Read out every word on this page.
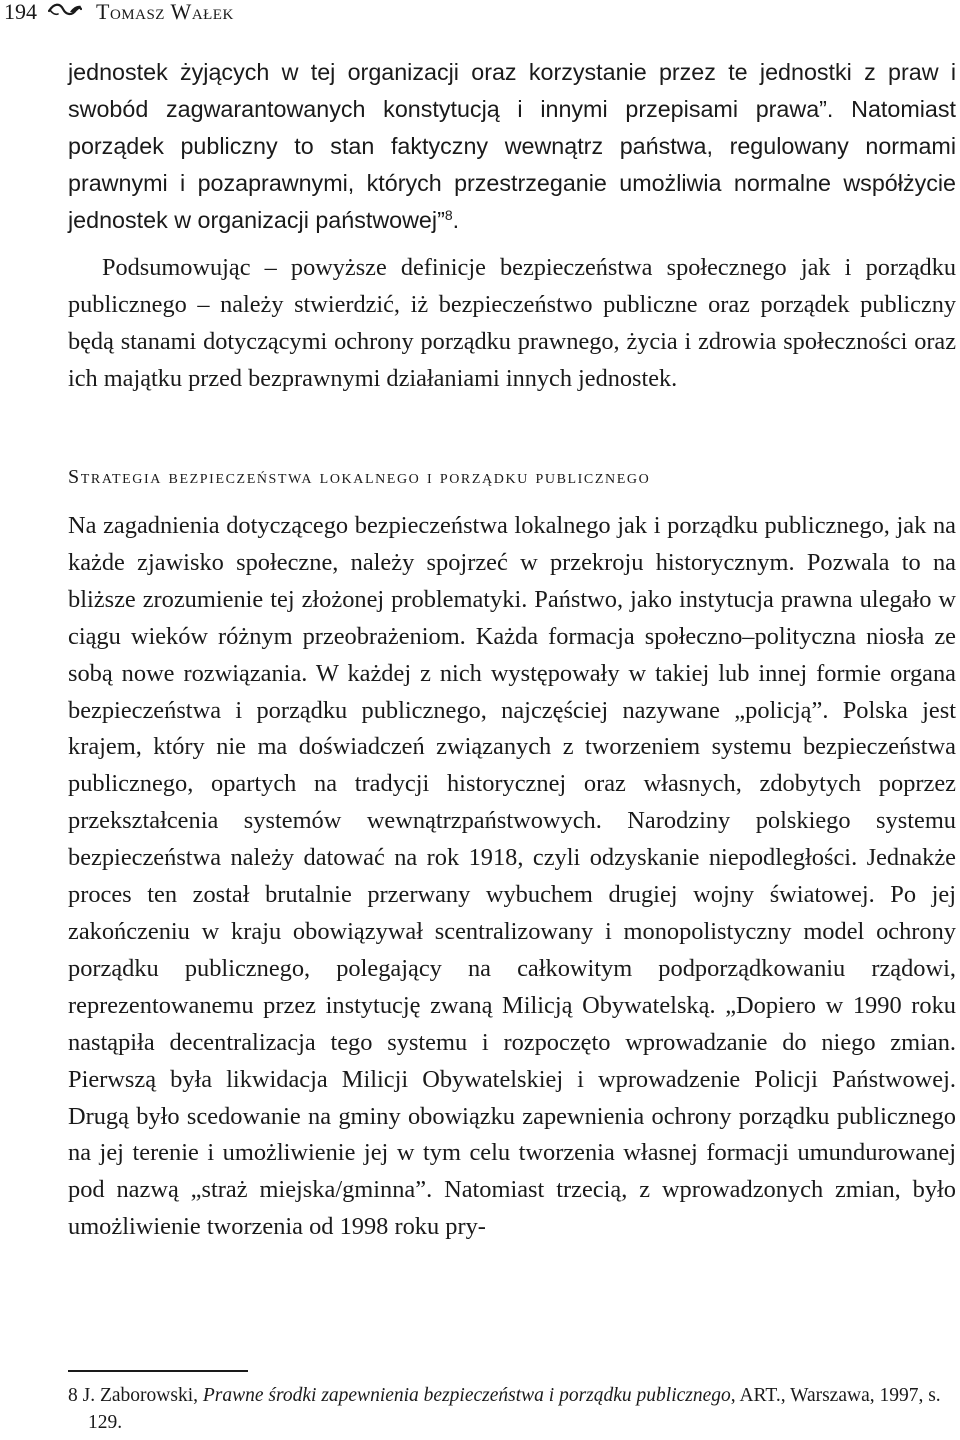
194	Tomasz Wałek

jednostek żyjących w tej organizacji oraz korzystanie przez te jednostki z praw i swobód zagwarantowanych konstytucją i innymi przepisami prawa”. Natomiast porządek publiczny to stan faktyczny wewnątrz państwa, regulowany normami prawnymi i pozaprawnymi, których przestrzeganie umożliwia normalne współżycie jednostek w organizacji państwowej”$^8$.

Podsumowując – powyższe definicje bezpieczeństwa społecznego jak i porządku publicznego – należy stwierdzić, iż bezpieczeństwo publiczne oraz porządek publiczny będą stanami dotyczącymi ochrony porządku prawnego, życia i zdrowia społeczności oraz ich majątku przed bezprawnymi działaniami innych jednostek.

Strategia bezpieczeństwa lokalnego i porządku publicznego

Na zagadnienia dotyczącego bezpieczeństwa lokalnego jak i porządku publicznego, jak na każde zjawisko społeczne, należy spojrzeć w przekroju historycznym. Pozwala to na bliższe zrozumienie tej złożonej problematyki. Państwo, jako instytucja prawna ulegało w ciągu wieków różnym przeobrażeniom. Każda formacja społeczno–polityczna niosła ze sobą nowe rozwiązania. W każdej z nich występowały w takiej lub innej formie organa bezpieczeństwa i porządku publicznego, najczęściej nazywane „policją”. Polska jest krajem, który nie ma doświadczeń związanych z tworzeniem systemu bezpieczeństwa publicznego, opartych na tradycji historycznej oraz własnych, zdobytych poprzez przekształcenia systemów wewnątrzpaństwowych. Narodziny polskiego systemu bezpieczeństwa należy datować na rok 1918, czyli odzyskanie niepodległości. Jednakże proces ten został brutalnie przerwany wybuchem drugiej wojny światowej. Po jej zakończeniu w kraju obowiązywał scentralizowany i monopolistyczny model ochrony porządku publicznego, polegający na całkowitym podporządkowaniu rządowi, reprezentowanemu przez instytucję zwaną Milicją Obywatelską. „Dopiero w 1990 roku nastąpiła decentralizacja tego systemu i rozpoczęto wprowadzanie do niego zmian. Pierwszą była likwidacja Milicji Obywatelskiej i wprowadzenie Policji Państwowej. Drugą było scedowanie na gminy obowiązku zapewnienia ochrony porządku publicznego na jej terenie i umożliwienie jej w tym celu tworzenia własnej formacji umundurowanej pod nazwą „straż miejska/gminna”. Natomiast trzecią, z wprowadzonych zmian, było umożliwienie tworzenia od 1998 roku pry-

8 J. Zaborowski, Prawne środki zapewnienia bezpieczeństwa i porządku publicznego, ART., Warszawa, 1997, s. 129.
